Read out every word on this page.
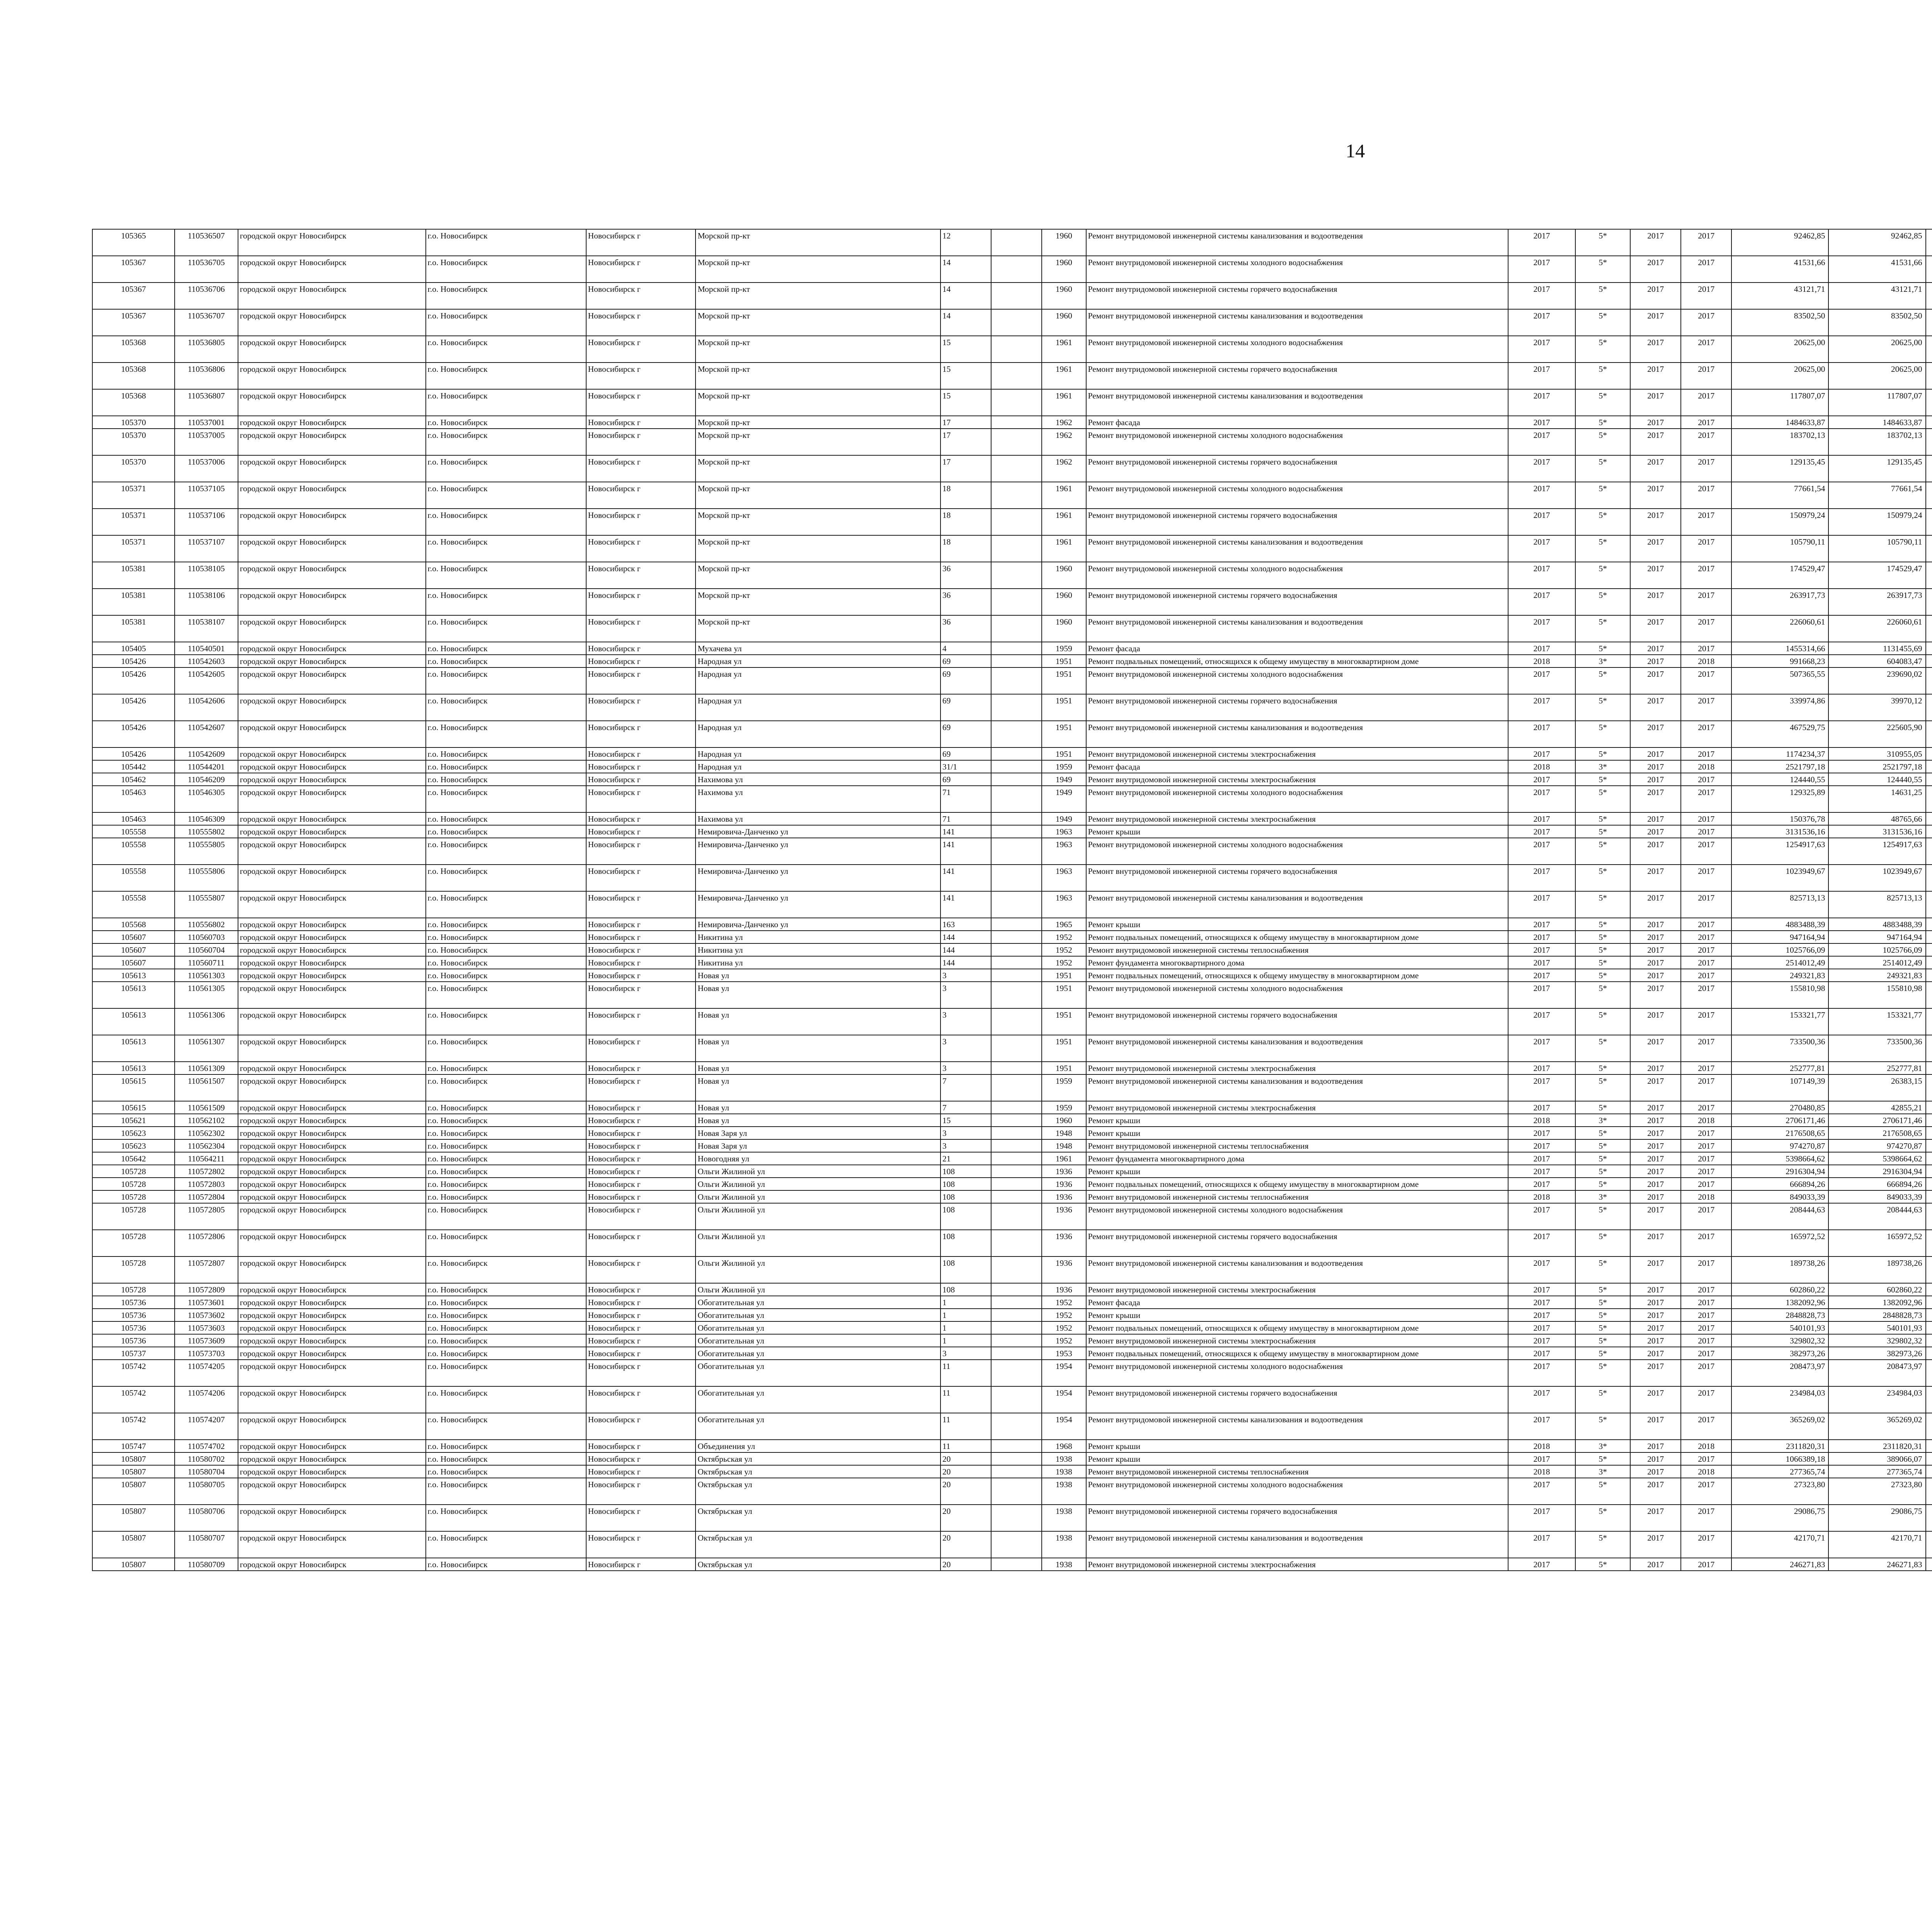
14
105365	110536507	городской округ Новосибирск	г.о. Новосибирск	Новосибирск г	Морской пр-кт	12		1960	Ремонт внутридомовой инженерной системы канализования и водоотведения	2017	5*	2017	2017	92462,85	92462,85						
105367	110536705	городской округ Новосибирск	г.о. Новосибирск	Новосибирск г	Морской пр-кт	14		1960	Ремонт внутридомовой инженерной системы холодного водоснабжения	2017	5*	2017	2017	41531,66	41531,66						
105367	110536706	городской округ Новосибирск	г.о. Новосибирск	Новосибирск г	Морской пр-кт	14		1960	Ремонт внутридомовой инженерной системы горячего водоснабжения	2017	5*	2017	2017	43121,71	43121,71						
105367	110536707	городской округ Новосибирск	г.о. Новосибирск	Новосибирск г	Морской пр-кт	14		1960	Ремонт внутридомовой инженерной системы канализования и водоотведения	2017	5*	2017	2017	83502,50	83502,50						
105368	110536805	городской округ Новосибирск	г.о. Новосибирск	Новосибирск г	Морской пр-кт	15		1961	Ремонт внутридомовой инженерной системы холодного водоснабжения	2017	5*	2017	2017	20625,00	20625,00						
105368	110536806	городской округ Новосибирск	г.о. Новосибирск	Новосибирск г	Морской пр-кт	15		1961	Ремонт внутридомовой инженерной системы горячего водоснабжения	2017	5*	2017	2017	20625,00	20625,00						
105368	110536807	городской округ Новосибирск	г.о. Новосибирск	Новосибирск г	Морской пр-кт	15		1961	Ремонт внутридомовой инженерной системы канализования и водоотведения	2017	5*	2017	2017	117807,07	117807,07						
105370	110537001	городской округ Новосибирск	г.о. Новосибирск	Новосибирск г	Морской пр-кт	17		1962	Ремонт фасада	2017	5*	2017	2017	1484633,87	1484633,87						
105370	110537005	городской округ Новосибирск	г.о. Новосибирск	Новосибирск г	Морской пр-кт	17		1962	Ремонт внутридомовой инженерной системы холодного водоснабжения	2017	5*	2017	2017	183702,13	183702,13						
105370	110537006	городской округ Новосибирск	г.о. Новосибирск	Новосибирск г	Морской пр-кт	17		1962	Ремонт внутридомовой инженерной системы горячего водоснабжения	2017	5*	2017	2017	129135,45	129135,45						
105371	110537105	городской округ Новосибирск	г.о. Новосибирск	Новосибирск г	Морской пр-кт	18		1961	Ремонт внутридомовой инженерной системы холодного водоснабжения	2017	5*	2017	2017	77661,54	77661,54						
105371	110537106	городской округ Новосибирск	г.о. Новосибирск	Новосибирск г	Морской пр-кт	18		1961	Ремонт внутридомовой инженерной системы горячего водоснабжения	2017	5*	2017	2017	150979,24	150979,24						
105371	110537107	городской округ Новосибирск	г.о. Новосибирск	Новосибирск г	Морской пр-кт	18		1961	Ремонт внутридомовой инженерной системы канализования и водоотведения	2017	5*	2017	2017	105790,11	105790,11						
105381	110538105	городской округ Новосибирск	г.о. Новосибирск	Новосибирск г	Морской пр-кт	36		1960	Ремонт внутридомовой инженерной системы холодного водоснабжения	2017	5*	2017	2017	174529,47	174529,47						
105381	110538106	городской округ Новосибирск	г.о. Новосибирск	Новосибирск г	Морской пр-кт	36		1960	Ремонт внутридомовой инженерной системы горячего водоснабжения	2017	5*	2017	2017	263917,73	263917,73						
105381	110538107	городской округ Новосибирск	г.о. Новосибирск	Новосибирск г	Морской пр-кт	36		1960	Ремонт внутридомовой инженерной системы канализования и водоотведения	2017	5*	2017	2017	226060,61	226060,61						
105405	110540501	городской округ Новосибирск	г.о. Новосибирск	Новосибирск г	Мухачева ул	4		1959	Ремонт фасада	2017	5*	2017	2017	1455314,66	1131455,69						
105426	110542603	городской округ Новосибирск	г.о. Новосибирск	Новосибирск г	Народная ул	69		1951	Ремонт подвальных помещений, относящихся к общему имуществу в многоквартирном доме	2018	3*	2017	2018	991668,23	604083,47						
105426	110542605	городской округ Новосибирск	г.о. Новосибирск	Новосибирск г	Народная ул	69		1951	Ремонт внутридомовой инженерной системы холодного водоснабжения	2017	5*	2017	2017	507365,55	239690,02						
105426	110542606	городской округ Новосибирск	г.о. Новосибирск	Новосибирск г	Народная ул	69		1951	Ремонт внутридомовой инженерной системы горячего водоснабжения	2017	5*	2017	2017	339974,86	39970,12						
105426	110542607	городской округ Новосибирск	г.о. Новосибирск	Новосибирск г	Народная ул	69		1951	Ремонт внутридомовой инженерной системы канализования и водоотведения	2017	5*	2017	2017	467529,75	225605,90						
105426	110542609	городской округ Новосибирск	г.о. Новосибирск	Новосибирск г	Народная ул	69		1951	Ремонт внутридомовой инженерной системы электроснабжения	2017	5*	2017	2017	1174234,37	310955,05						
105442	110544201	городской округ Новосибирск	г.о. Новосибирск	Новосибирск г	Народная ул	31/1		1959	Ремонт фасада	2018	3*	2017	2018	2521797,18	2521797,18						
105462	110546209	городской округ Новосибирск	г.о. Новосибирск	Новосибирск г	Нахимова ул	69		1949	Ремонт внутридомовой инженерной системы электроснабжения	2017	5*	2017	2017	124440,55	124440,55						
105463	110546305	городской округ Новосибирск	г.о. Новосибирск	Новосибирск г	Нахимова ул	71		1949	Ремонт внутридомовой инженерной системы холодного водоснабжения	2017	5*	2017	2017	129325,89	14631,25						
105463	110546309	городской округ Новосибирск	г.о. Новосибирск	Новосибирск г	Нахимова ул	71		1949	Ремонт внутридомовой инженерной системы электроснабжения	2017	5*	2017	2017	150376,78	48765,66						
105558	110555802	городской округ Новосибирск	г.о. Новосибирск	Новосибирск г	Немировича-Данченко ул	141		1963	Ремонт крыши	2017	5*	2017	2017	3131536,16	3131536,16						
105558	110555805	городской округ Новосибирск	г.о. Новосибирск	Новосибирск г	Немировича-Данченко ул	141		1963	Ремонт внутридомовой инженерной системы холодного водоснабжения	2017	5*	2017	2017	1254917,63	1254917,63						
105558	110555806	городской округ Новосибирск	г.о. Новосибирск	Новосибирск г	Немировича-Данченко ул	141		1963	Ремонт внутридомовой инженерной системы горячего водоснабжения	2017	5*	2017	2017	1023949,67	1023949,67						
105558	110555807	городской округ Новосибирск	г.о. Новосибирск	Новосибирск г	Немировича-Данченко ул	141		1963	Ремонт внутридомовой инженерной системы канализования и водоотведения	2017	5*	2017	2017	825713,13	825713,13						
105568	110556802	городской округ Новосибирск	г.о. Новосибирск	Новосибирск г	Немировича-Данченко ул	163		1965	Ремонт крыши	2017	5*	2017	2017	4883488,39	4883488,39						
105607	110560703	городской округ Новосибирск	г.о. Новосибирск	Новосибирск г	Никитина ул	144		1952	Ремонт подвальных помещений, относящихся к общему имуществу в многоквартирном доме	2017	5*	2017	2017	947164,94	947164,94						
105607	110560704	городской округ Новосибирск	г.о. Новосибирск	Новосибирск г	Никитина ул	144		1952	Ремонт внутридомовой инженерной системы теплоснабжения	2017	5*	2017	2017	1025766,09	1025766,09						
105607	110560711	городской округ Новосибирск	г.о. Новосибирск	Новосибирск г	Никитина ул	144		1952	Ремонт фундамента многоквартирного дома	2017	5*	2017	2017	2514012,49	2514012,49						
105613	110561303	городской округ Новосибирск	г.о. Новосибирск	Новосибирск г	Новая ул	3		1951	Ремонт подвальных помещений, относящихся к общему имуществу в многоквартирном доме	2017	5*	2017	2017	249321,83	249321,83						
105613	110561305	городской округ Новосибирск	г.о. Новосибирск	Новосибирск г	Новая ул	3		1951	Ремонт внутридомовой инженерной системы холодного водоснабжения	2017	5*	2017	2017	155810,98	155810,98						
105613	110561306	городской округ Новосибирск	г.о. Новосибирск	Новосибирск г	Новая ул	3		1951	Ремонт внутридомовой инженерной системы горячего водоснабжения	2017	5*	2017	2017	153321,77	153321,77						
105613	110561307	городской округ Новосибирск	г.о. Новосибирск	Новосибирск г	Новая ул	3		1951	Ремонт внутридомовой инженерной системы канализования и водоотведения	2017	5*	2017	2017	733500,36	733500,36						
105613	110561309	городской округ Новосибирск	г.о. Новосибирск	Новосибирск г	Новая ул	3		1951	Ремонт внутридомовой инженерной системы электроснабжения	2017	5*	2017	2017	252777,81	252777,81						
105615	110561507	городской округ Новосибирск	г.о. Новосибирск	Новосибирск г	Новая ул	7		1959	Ремонт внутридомовой инженерной системы канализования и водоотведения	2017	5*	2017	2017	107149,39	26383,15						
105615	110561509	городской округ Новосибирск	г.о. Новосибирск	Новосибирск г	Новая ул	7		1959	Ремонт внутридомовой инженерной системы электроснабжения	2017	5*	2017	2017	270480,85	42855,21						
105621	110562102	городской округ Новосибирск	г.о. Новосибирск	Новосибирск г	Новая ул	15		1960	Ремонт крыши	2018	3*	2017	2018	2706171,46	2706171,46						
105623	110562302	городской округ Новосибирск	г.о. Новосибирск	Новосибирск г	Новая Заря ул	3		1948	Ремонт крыши	2017	5*	2017	2017	2176508,65	2176508,65						
105623	110562304	городской округ Новосибирск	г.о. Новосибирск	Новосибирск г	Новая Заря ул	3		1948	Ремонт внутридомовой инженерной системы теплоснабжения	2017	5*	2017	2017	974270,87	974270,87						
105642	110564211	городской округ Новосибирск	г.о. Новосибирск	Новосибирск г	Новогодняя ул	21		1961	Ремонт фундамента многоквартирного дома	2017	5*	2017	2017	5398664,62	5398664,62						
105728	110572802	городской округ Новосибирск	г.о. Новосибирск	Новосибирск г	Ольги Жилиной ул	108		1936	Ремонт крыши	2017	5*	2017	2017	2916304,94	2916304,94						
105728	110572803	городской округ Новосибирск	г.о. Новосибирск	Новосибирск г	Ольги Жилиной ул	108		1936	Ремонт подвальных помещений, относящихся к общему имуществу в многоквартирном доме	2017	5*	2017	2017	666894,26	666894,26						
105728	110572804	городской округ Новосибирск	г.о. Новосибирск	Новосибирск г	Ольги Жилиной ул	108		1936	Ремонт внутридомовой инженерной системы теплоснабжения	2018	3*	2017	2018	849033,39	849033,39						
105728	110572805	городской округ Новосибирск	г.о. Новосибирск	Новосибирск г	Ольги Жилиной ул	108		1936	Ремонт внутридомовой инженерной системы холодного водоснабжения	2017	5*	2017	2017	208444,63	208444,63						
105728	110572806	городской округ Новосибирск	г.о. Новосибирск	Новосибирск г	Ольги Жилиной ул	108		1936	Ремонт внутридомовой инженерной системы горячего водоснабжения	2017	5*	2017	2017	165972,52	165972,52						
105728	110572807	городской округ Новосибирск	г.о. Новосибирск	Новосибирск г	Ольги Жилиной ул	108		1936	Ремонт внутридомовой инженерной системы канализования и водоотведения	2017	5*	2017	2017	189738,26	189738,26						
105728	110572809	городской округ Новосибирск	г.о. Новосибирск	Новосибирск г	Ольги Жилиной ул	108		1936	Ремонт внутридомовой инженерной системы электроснабжения	2017	5*	2017	2017	602860,22	602860,22						
105736	110573601	городской округ Новосибирск	г.о. Новосибирск	Новосибирск г	Обогатительная ул	1		1952	Ремонт фасада	2017	5*	2017	2017	1382092,96	1382092,96						
105736	110573602	городской округ Новосибирск	г.о. Новосибирск	Новосибирск г	Обогатительная ул	1		1952	Ремонт крыши	2017	5*	2017	2017	2848828,73	2848828,73						
105736	110573603	городской округ Новосибирск	г.о. Новосибирск	Новосибирск г	Обогатительная ул	1		1952	Ремонт подвальных помещений, относящихся к общему имуществу в многоквартирном доме	2017	5*	2017	2017	540101,93	540101,93						
105736	110573609	городской округ Новосибирск	г.о. Новосибирск	Новосибирск г	Обогатительная ул	1		1952	Ремонт внутридомовой инженерной системы электроснабжения	2017	5*	2017	2017	329802,32	329802,32						
105737	110573703	городской округ Новосибирск	г.о. Новосибирск	Новосибирск г	Обогатительная ул	3		1953	Ремонт подвальных помещений, относящихся к общему имуществу в многоквартирном доме	2017	5*	2017	2017	382973,26	382973,26						
105742	110574205	городской округ Новосибирск	г.о. Новосибирск	Новосибирск г	Обогатительная ул	11		1954	Ремонт внутридомовой инженерной системы холодного водоснабжения	2017	5*	2017	2017	208473,97	208473,97						
105742	110574206	городской округ Новосибирск	г.о. Новосибирск	Новосибирск г	Обогатительная ул	11		1954	Ремонт внутридомовой инженерной системы горячего водоснабжения	2017	5*	2017	2017	234984,03	234984,03						
105742	110574207	городской округ Новосибирск	г.о. Новосибирск	Новосибирск г	Обогатительная ул	11		1954	Ремонт внутридомовой инженерной системы канализования и водоотведения	2017	5*	2017	2017	365269,02	365269,02						
105747	110574702	городской округ Новосибирск	г.о. Новосибирск	Новосибирск г	Объединения ул	11		1968	Ремонт крыши	2018	3*	2017	2018	2311820,31	2311820,31						
105807	110580702	городской округ Новосибирск	г.о. Новосибирск	Новосибирск г	Октябрьская ул	20		1938	Ремонт крыши	2017	5*	2017	2017	1066389,18	389066,07						
105807	110580704	городской округ Новосибирск	г.о. Новосибирск	Новосибирск г	Октябрьская ул	20		1938	Ремонт внутридомовой инженерной системы теплоснабжения	2018	3*	2017	2018	277365,74	277365,74						
105807	110580705	городской округ Новосибирск	г.о. Новосибирск	Новосибирск г	Октябрьская ул	20		1938	Ремонт внутридомовой инженерной системы холодного водоснабжения	2017	5*	2017	2017	27323,80	27323,80						
105807	110580706	городской округ Новосибирск	г.о. Новосибирск	Новосибирск г	Октябрьская ул	20		1938	Ремонт внутридомовой инженерной системы горячего водоснабжения	2017	5*	2017	2017	29086,75	29086,75						
105807	110580707	городской округ Новосибирск	г.о. Новосибирск	Новосибирск г	Октябрьская ул	20		1938	Ремонт внутридомовой инженерной системы канализования и водоотведения	2017	5*	2017	2017	42170,71	42170,71						
105807	110580709	городской округ Новосибирск	г.о. Новосибирск	Новосибирск г	Октябрьская ул	20		1938	Ремонт внутридомовой инженерной системы электроснабжения	2017	5*	2017	2017	246271,83	246271,83						
